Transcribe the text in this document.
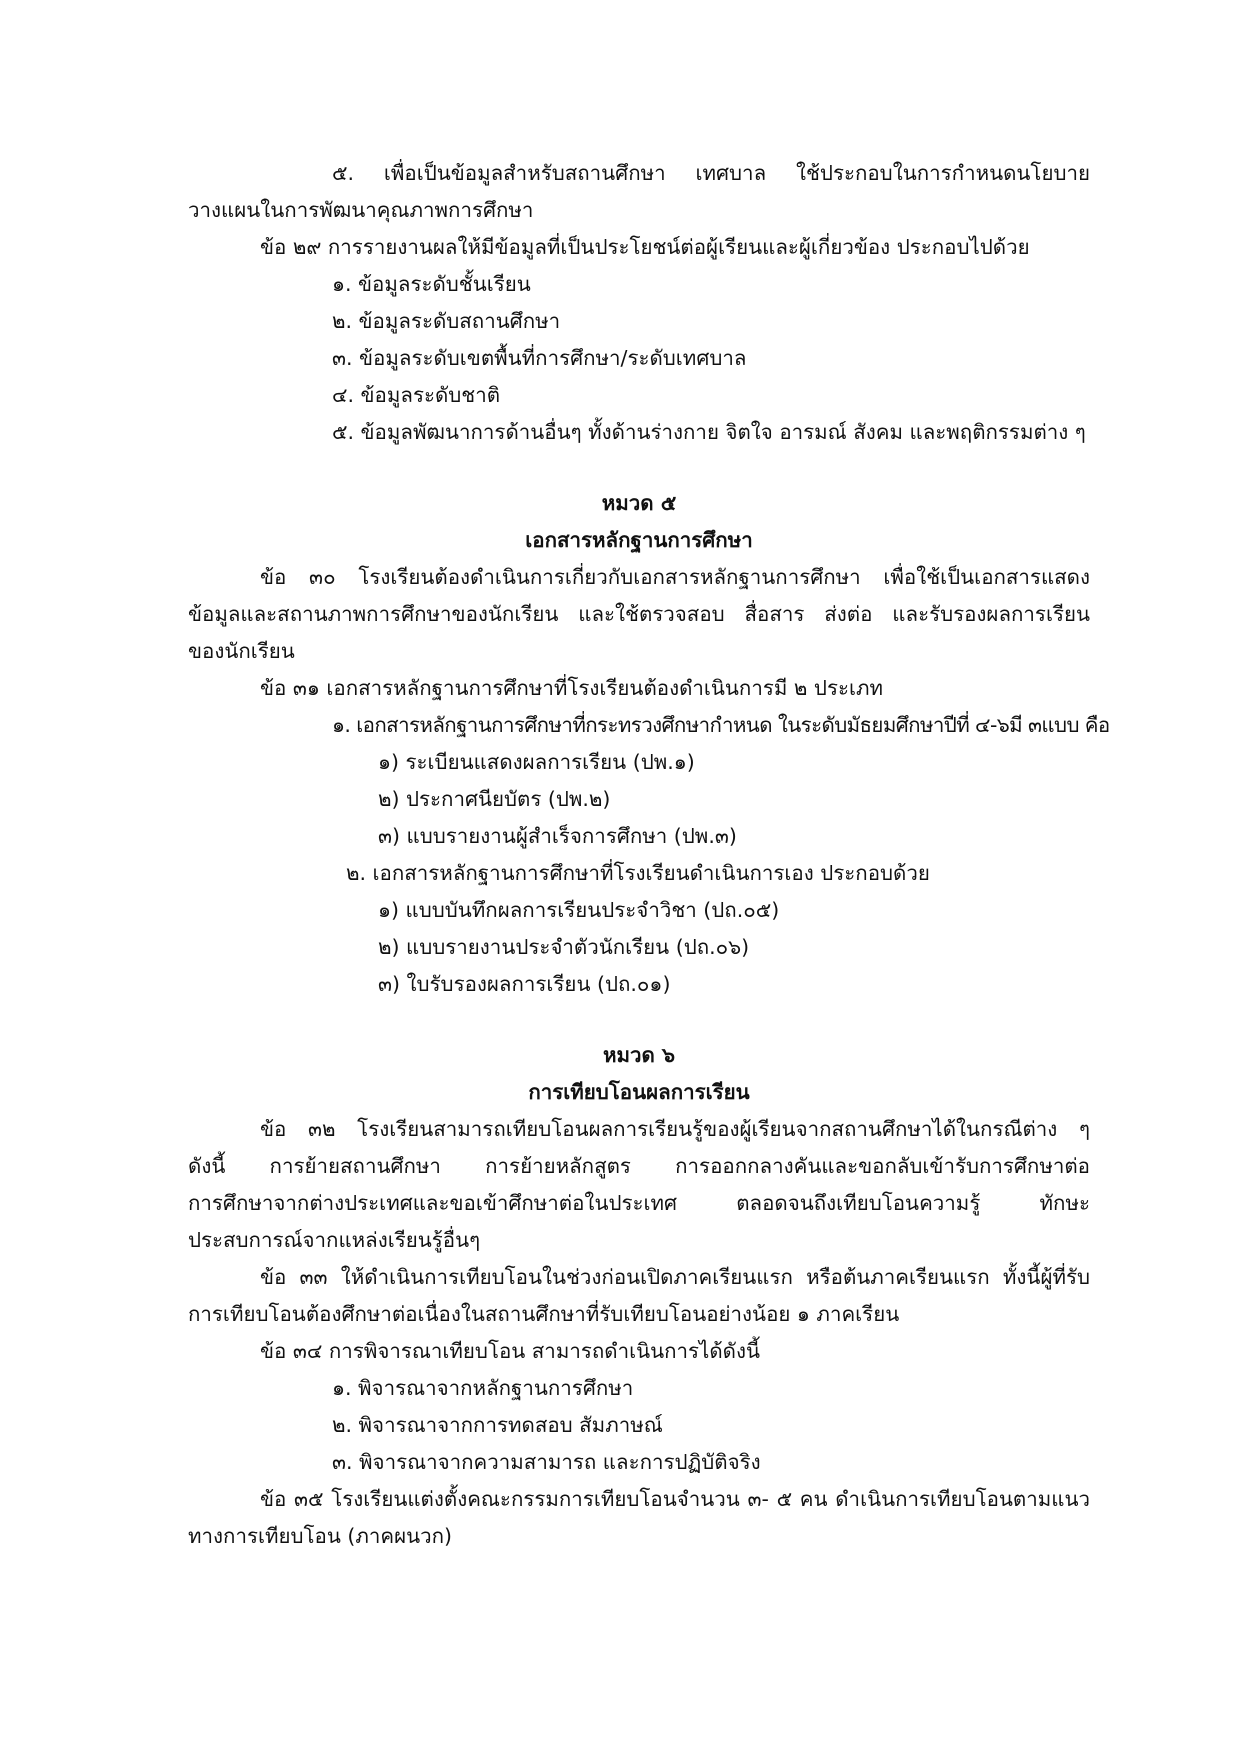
๕. เพื่อเป็นข้อมูลสำหรับสถานศึกษา เทศบาล ใช้ประกอบในการกำหนดนโยบาย
วางแผนในการพัฒนาคุณภาพการศึกษา
ข้อ ๒๙ การรายงานผลให้มีข้อมูลที่เป็นประโยชน์ต่อผู้เรียนและผู้เกี่ยวข้อง ประกอบไปด้วย
๑. ข้อมูลระดับชั้นเรียน
๒. ข้อมูลระดับสถานศึกษา
๓. ข้อมูลระดับเขตพื้นที่การศึกษา/ระดับเทศบาล
๔. ข้อมูลระดับชาติ
๕. ข้อมูลพัฒนาการด้านอื่นๆ ทั้งด้านร่างกาย จิตใจ อารมณ์ สังคม และพฤติกรรมต่าง ๆ
หมวด ๕
เอกสารหลักฐานการศึกษา
ข้อ ๓๐ โรงเรียนต้องดำเนินการเกี่ยวกับเอกสารหลักฐานการศึกษา เพื่อใช้เป็นเอกสารแสดง
ข้อมูลและสถานภาพการศึกษาของนักเรียน และใช้ตรวจสอบ สื่อสาร ส่งต่อ และรับรองผลการเรียน
ของนักเรียน
ข้อ ๓๑ เอกสารหลักฐานการศึกษาที่โรงเรียนต้องดำเนินการมี ๒ ประเภท
๑. เอกสารหลักฐานการศึกษาที่กระทรวงศึกษากำหนด ในระดับมัธยมศึกษาปีที่ ๔-๖มี ๓แบบ คือ
๑) ระเบียนแสดงผลการเรียน (ปพ.๑)
๒) ประกาศนียบัตร (ปพ.๒)
๓) แบบรายงานผู้สำเร็จการศึกษา (ปพ.๓)
๒. เอกสารหลักฐานการศึกษาที่โรงเรียนดำเนินการเอง ประกอบด้วย
๑) แบบบันทึกผลการเรียนประจำวิชา (ปถ.๐๕)
๒) แบบรายงานประจำตัวนักเรียน (ปถ.๐๖)
๓) ใบรับรองผลการเรียน (ปถ.๐๑)
หมวด ๖
การเทียบโอนผลการเรียน
ข้อ ๓๒ โรงเรียนสามารถเทียบโอนผลการเรียนรู้ของผู้เรียนจากสถานศึกษาได้ในกรณีต่าง ๆ
ดังนี้ การย้ายสถานศึกษา การย้ายหลักสูตร การออกกลางคันและขอกลับเข้ารับการศึกษาต่อ
การศึกษาจากต่างประเทศและขอเข้าศึกษาต่อในประเทศ ตลอดจนถึงเทียบโอนความรู้ ทักษะ
ประสบการณ์จากแหล่งเรียนรู้อื่นๆ
ข้อ ๓๓ ให้ดำเนินการเทียบโอนในช่วงก่อนเปิดภาคเรียนแรก หรือต้นภาคเรียนแรก ทั้งนี้ผู้ที่รับ
การเทียบโอนต้องศึกษาต่อเนื่องในสถานศึกษาที่รับเทียบโอนอย่างน้อย ๑ ภาคเรียน
ข้อ ๓๔ การพิจารณาเทียบโอน สามารถดำเนินการได้ดังนี้
๑. พิจารณาจากหลักฐานการศึกษา
๒. พิจารณาจากการทดสอบ สัมภาษณ์
๓. พิจารณาจากความสามารถ และการปฏิบัติจริง
ข้อ ๓๕ โรงเรียนแต่งตั้งคณะกรรมการเทียบโอนจำนวน ๓- ๕ คน ดำเนินการเทียบโอนตามแนว
ทางการเทียบโอน (ภาคผนวก)
